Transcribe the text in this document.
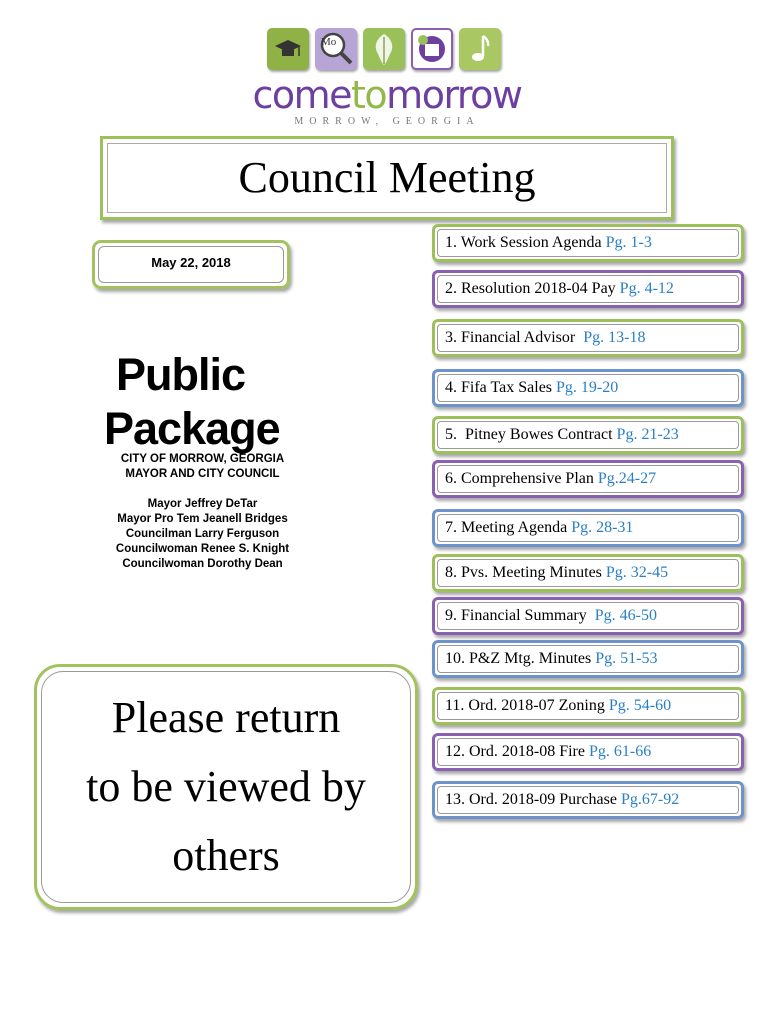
Mo
cometomorrow
MORROW, GEORGIA
Council Meeting
May 22, 2018
Public
Package
CITY OF MORROW, GEORGIA
MAYOR AND CITY COUNCIL
Mayor Jeffrey DeTar
Mayor Pro Tem Jeanell Bridges
Councilman Larry Ferguson
Councilwoman Renee S. Knight
Councilwoman Dorothy Dean
Please return
to be viewed by
others
1. Work Session Agenda Pg. 1-3
2. Resolution 2018-04 Pay Pg. 4-12
3. Financial Advisor  Pg. 13-18
4. Fifa Tax Sales Pg. 19-20
5.  Pitney Bowes Contract Pg. 21-23
6. Comprehensive Plan Pg.24-27
7. Meeting Agenda Pg. 28-31
8. Pvs. Meeting Minutes Pg. 32-45
9. Financial Summary  Pg. 46-50
10. P&Z Mtg. Minutes Pg. 51-53
11. Ord. 2018-07 Zoning Pg. 54-60
12. Ord. 2018-08 Fire Pg. 61-66
13. Ord. 2018-09 Purchase Pg.67-92
